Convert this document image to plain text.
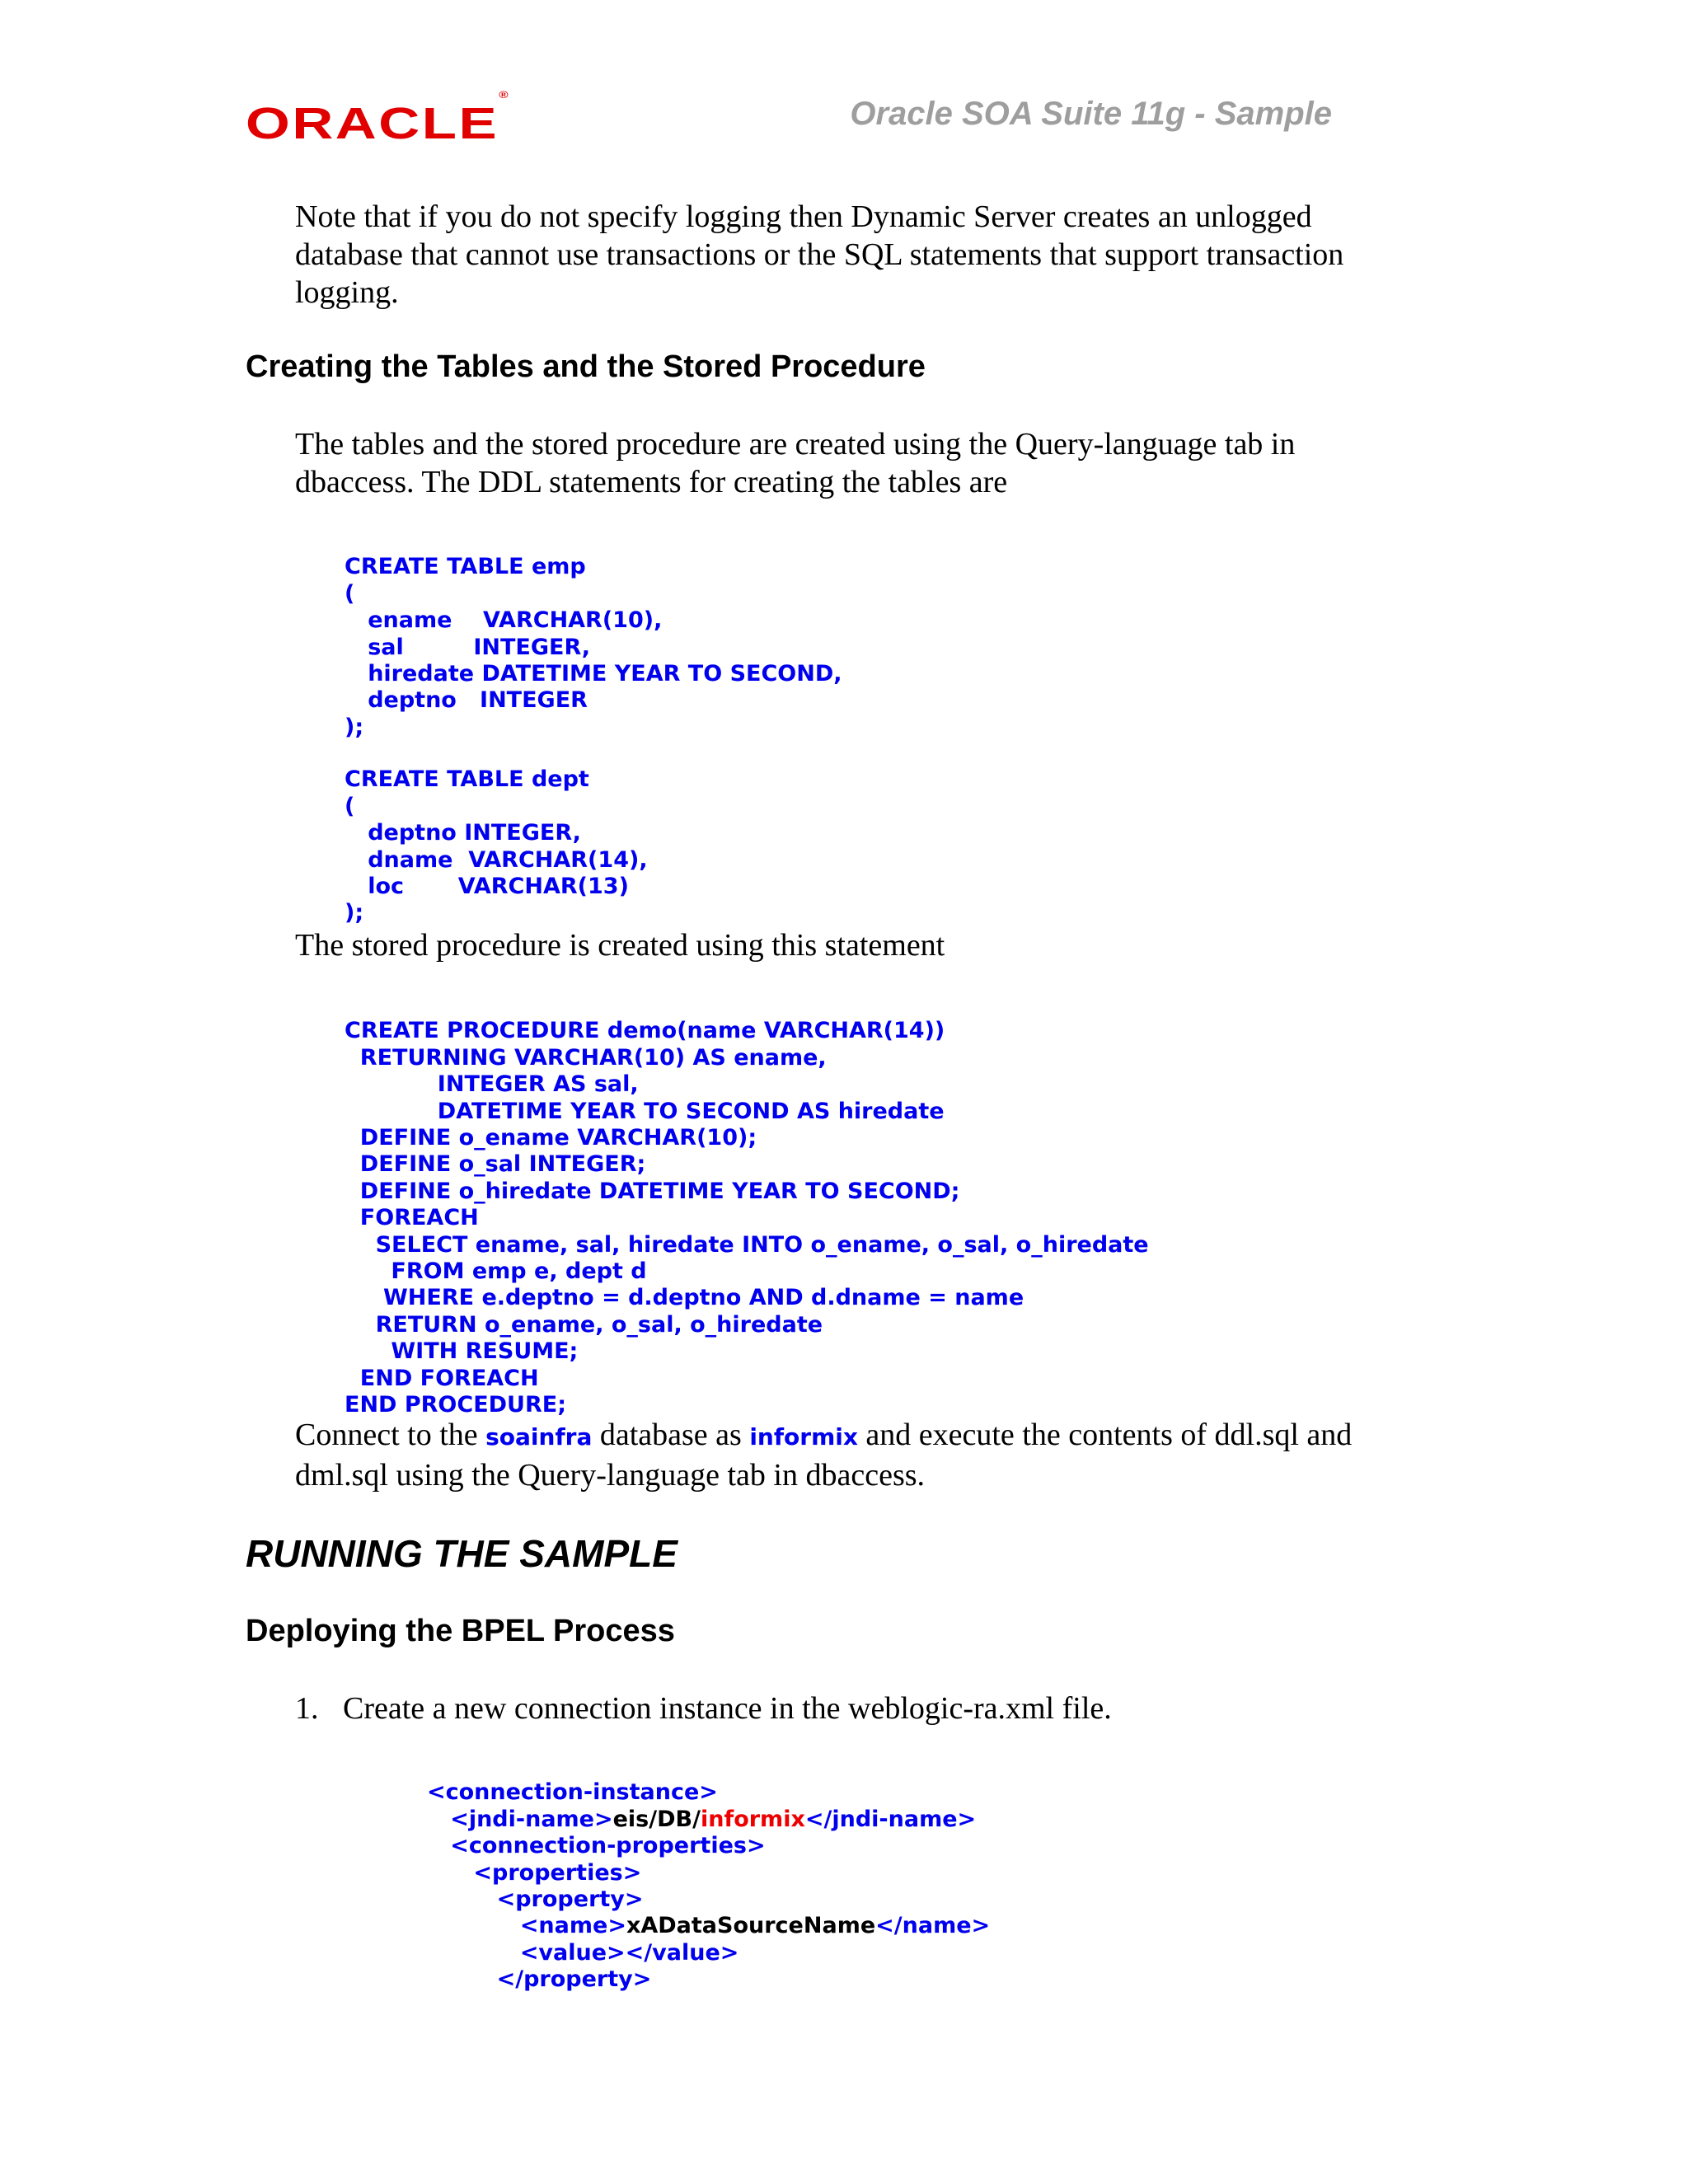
ORACLE®
Oracle SOA Suite 11g - Sample
Note that if you do not specify logging then Dynamic Server creates an unlogged
database that cannot use transactions or the SQL statements that support transaction
logging.
Creating the Tables and the Stored Procedure
The tables and the stored procedure are created using the Query-language tab in
dbaccess. The DDL statements for creating the tables are

CREATE TABLE emp
(
ename    VARCHAR(10),
sal         INTEGER,
hiredate DATETIME YEAR TO SECOND,
deptno   INTEGER
);

CREATE TABLE dept
(
deptno INTEGER,
dname  VARCHAR(14),
loc       VARCHAR(13)
);

The stored procedure is created using this statement

CREATE PROCEDURE demo(name VARCHAR(14))
RETURNING VARCHAR(10) AS ename,
INTEGER AS sal,
DATETIME YEAR TO SECOND AS hiredate
DEFINE o_ename VARCHAR(10);
DEFINE o_sal INTEGER;
DEFINE o_hiredate DATETIME YEAR TO SECOND;
FOREACH
SELECT ename, sal, hiredate INTO o_ename, o_sal, o_hiredate
FROM emp e, dept d
WHERE e.deptno = d.deptno AND d.dname = name
RETURN o_ename, o_sal, o_hiredate
WITH RESUME;
END FOREACH
END PROCEDURE;

Connect to the soainfra database as informix and execute the contents of ddl.sql and
dml.sql using the Query-language tab in dbaccess.
RUNNING THE SAMPLE
Deploying the BPEL Process
1. Create a new connection instance in the weblogic-ra.xml file.

<connection-instance>
<jndi-name>eis/DB/informix</jndi-name>
<connection-properties>
<properties>
<property>
<name>xADataSourceName</name>
<value></value>
</property>
